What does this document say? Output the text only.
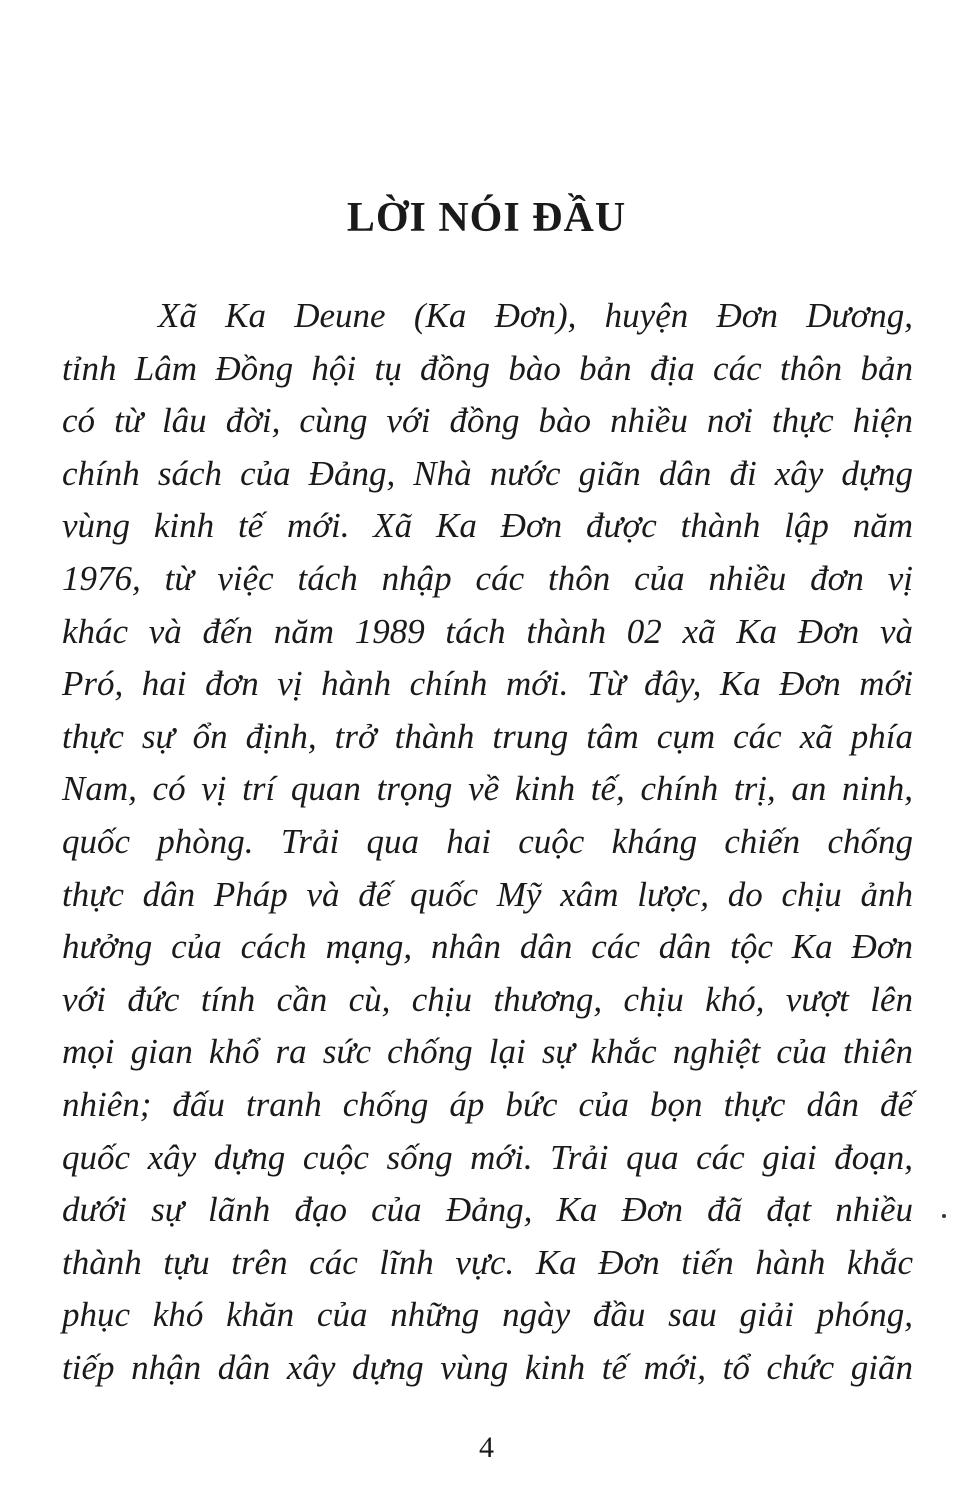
LỜI NÓI ĐẦU
Xã Ka Deune (Ka Đơn), huyện Đơn Dương,
tỉnh Lâm Đồng hội tụ đồng bào bản địa các thôn bản
có từ lâu đời, cùng với đồng bào nhiều nơi thực hiện
chính sách của Đảng, Nhà nước giãn dân đi xây dựng
vùng kinh tế mới. Xã Ka Đơn được thành lập năm
1976, từ việc tách nhập các thôn của nhiều đơn vị
khác và đến năm 1989 tách thành 02 xã Ka Đơn và
Pró, hai đơn vị hành chính mới. Từ đây, Ka Đơn mới
thực sự ổn định, trở thành trung tâm cụm các xã phía
Nam, có vị trí quan trọng về kinh tế, chính trị, an ninh,
quốc phòng. Trải qua hai cuộc kháng chiến chống
thực dân Pháp và đế quốc Mỹ xâm lược, do chịu ảnh
hưởng của cách mạng, nhân dân các dân tộc Ka Đơn
với đức tính cần cù, chịu thương, chịu khó, vượt lên
mọi gian khổ ra sức chống lại sự khắc nghiệt của thiên
nhiên; đấu tranh chống áp bức của bọn thực dân đế
quốc xây dựng cuộc sống mới. Trải qua các giai đoạn,
dưới sự lãnh đạo của Đảng, Ka Đơn đã đạt nhiều
thành tựu trên các lĩnh vực. Ka Đơn tiến hành khắc
phục khó khăn của những ngày đầu sau giải phóng,
tiếp nhận dân xây dựng vùng kinh tế mới, tổ chức giãn
4
